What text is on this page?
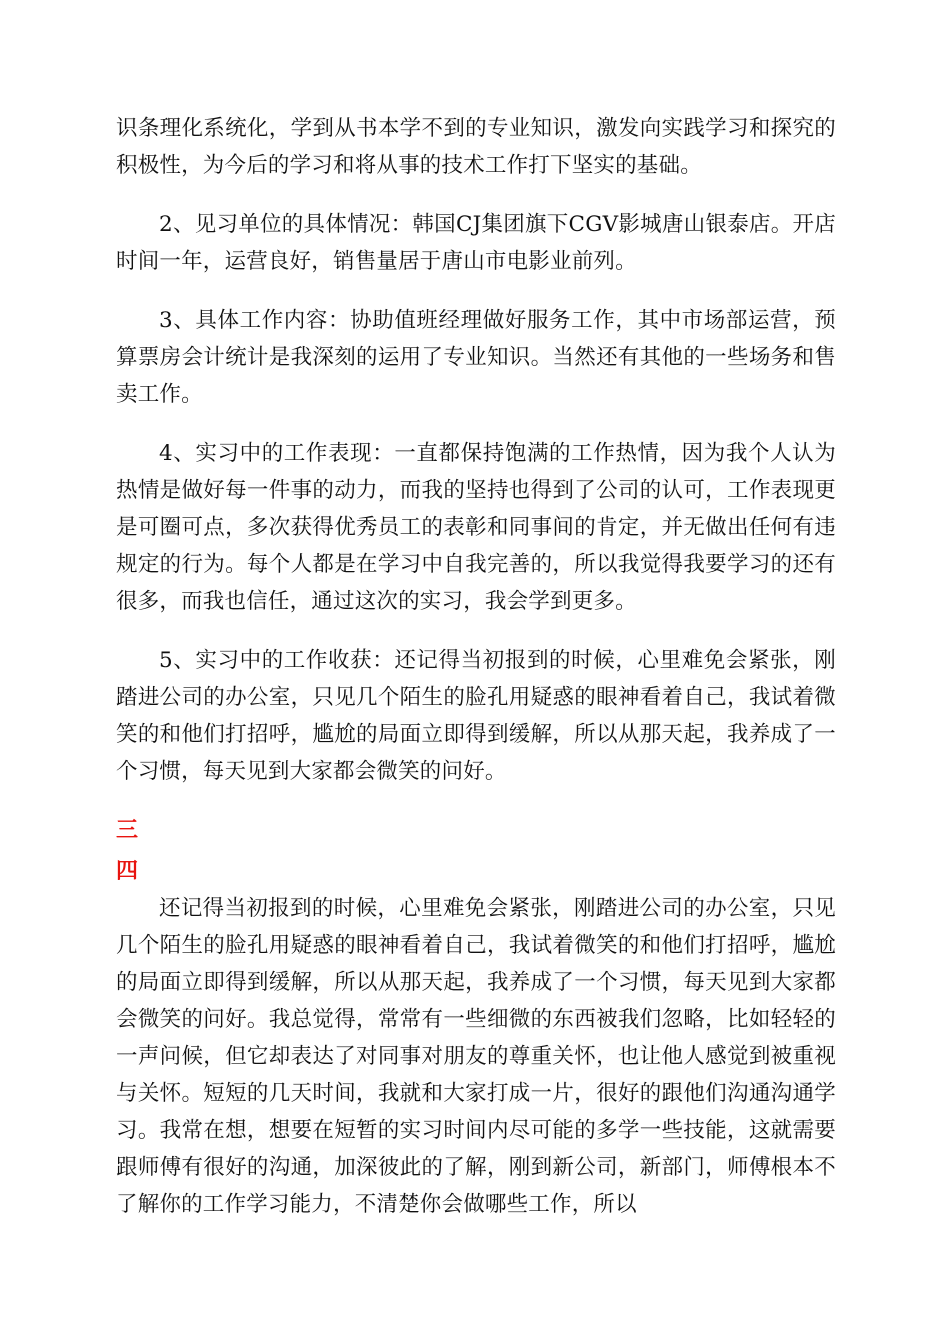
识条理化系统化，学到从书本学不到的专业知识，激发向实践学习和探究的积极性，为今后的学习和将从事的技术工作打下坚实的基础。

2、见习单位的具体情况：韩国CJ集团旗下CGV影城唐山银泰店。开店时间一年，运营良好，销售量居于唐山市电影业前列。

3、具体工作内容：协助值班经理做好服务工作，其中市场部运营，预算票房会计统计是我深刻的运用了专业知识。当然还有其他的一些场务和售卖工作。

4、实习中的工作表现：一直都保持饱满的工作热情，因为我个人认为热情是做好每一件事的动力，而我的坚持也得到了公司的认可，工作表现更是可圈可点，多次获得优秀员工的表彰和同事间的肯定，并无做出任何有违规定的行为。每个人都是在学习中自我完善的，所以我觉得我要学习的还有很多，而我也信任，通过这次的实习，我会学到更多。

5、实习中的工作收获：还记得当初报到的时候，心里难免会紧张，刚踏进公司的办公室，只见几个陌生的脸孔用疑惑的眼神看着自己，我试着微笑的和他们打招呼，尴尬的局面立即得到缓解，所以从那天起，我养成了一个习惯，每天见到大家都会微笑的问好。

三
四

还记得当初报到的时候，心里难免会紧张，刚踏进公司的办公室，只见几个陌生的脸孔用疑惑的眼神看着自己，我试着微笑的和他们打招呼，尴尬的局面立即得到缓解，所以从那天起，我养成了一个习惯，每天见到大家都会微笑的问好。我总觉得，常常有一些细微的东西被我们忽略，比如轻轻的一声问候，但它却表达了对同事对朋友的尊重关怀，也让他人感觉到被重视与关怀。短短的几天时间，我就和大家打成一片，很好的跟他们沟通沟通学习。我常在想，想要在短暂的实习时间内尽可能的多学一些技能，这就需要跟师傅有很好的沟通，加深彼此的了解，刚到新公司，新部门，师傅根本不了解你的工作学习能力，不清楚你会做哪些工作，所以
